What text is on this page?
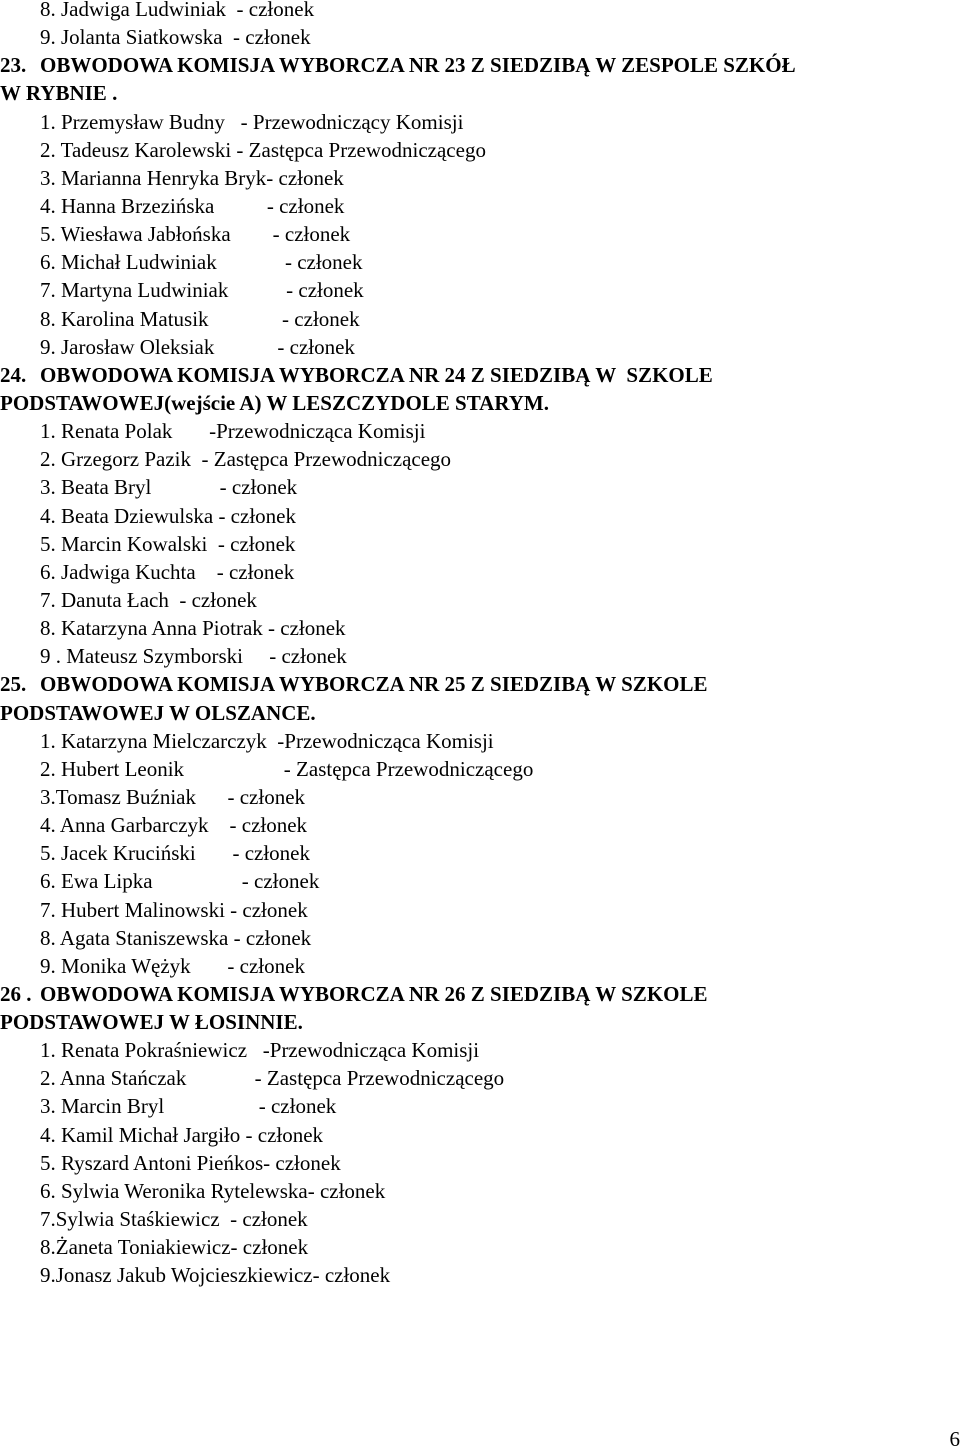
8. Jadwiga Ludwiniak  - członek
9. Jolanta Siatkowska  - członek
23. OBWODOWA KOMISJA WYBORCZA NR 23 Z SIEDZIBĄ W ZESPOLE SZKÓŁ
W RYBNIE .
1. Przemysław Budny   - Przewodniczący Komisji
2. Tadeusz Karolewski - Zastępca Przewodniczącego
3. Marianna Henryka Bryk- członek
4. Hanna Brzezińska          - członek
5. Wiesława Jabłońska        - członek
6. Michał Ludwiniak             - członek
7. Martyna Ludwiniak           - członek
8. Karolina Matusik              - członek
9. Jarosław Oleksiak            - członek
24. OBWODOWA KOMISJA WYBORCZA NR 24 Z SIEDZIBĄ W  SZKOLE
PODSTAWOWEJ(wejście A) W LESZCZYDOLE STARYM.
1. Renata Polak       -Przewodnicząca Komisji
2. Grzegorz Pazik  - Zastępca Przewodniczącego
3. Beata Bryl             - członek
4. Beata Dziewulska - członek
5. Marcin Kowalski  - członek
6. Jadwiga Kuchta    - członek
7. Danuta Łach  - członek
8. Katarzyna Anna Piotrak - członek
9 . Mateusz Szymborski     - członek
25. OBWODOWA KOMISJA WYBORCZA NR 25 Z SIEDZIBĄ W SZKOLE
PODSTAWOWEJ W OLSZANCE.
1. Katarzyna Mielczarczyk  -Przewodnicząca Komisji
2. Hubert Leonik                   - Zastępca Przewodniczącego
3.Tomasz Buźniak      - członek
4. Anna Garbarczyk    - członek
5. Jacek Kruciński       - członek
6. Ewa Lipka                 - członek
7. Hubert Malinowski - członek
8. Agata Staniszewska - członek
9. Monika Wężyk       - członek
26 . OBWODOWA KOMISJA WYBORCZA NR 26 Z SIEDZIBĄ W SZKOLE
PODSTAWOWEJ W ŁOSINNIE.
1. Renata Pokraśniewicz   -Przewodnicząca Komisji
2. Anna Stańczak             - Zastępca Przewodniczącego
3. Marcin Bryl                  - członek
4. Kamil Michał Jargiło - członek
5. Ryszard Antoni Pieńkos- członek
6. Sylwia Weronika Rytelewska- członek
7.Sylwia Staśkiewicz  - członek
8.Żaneta Toniakiewicz- członek
9.Jonasz Jakub Wojcieszkiewicz- członek
6
